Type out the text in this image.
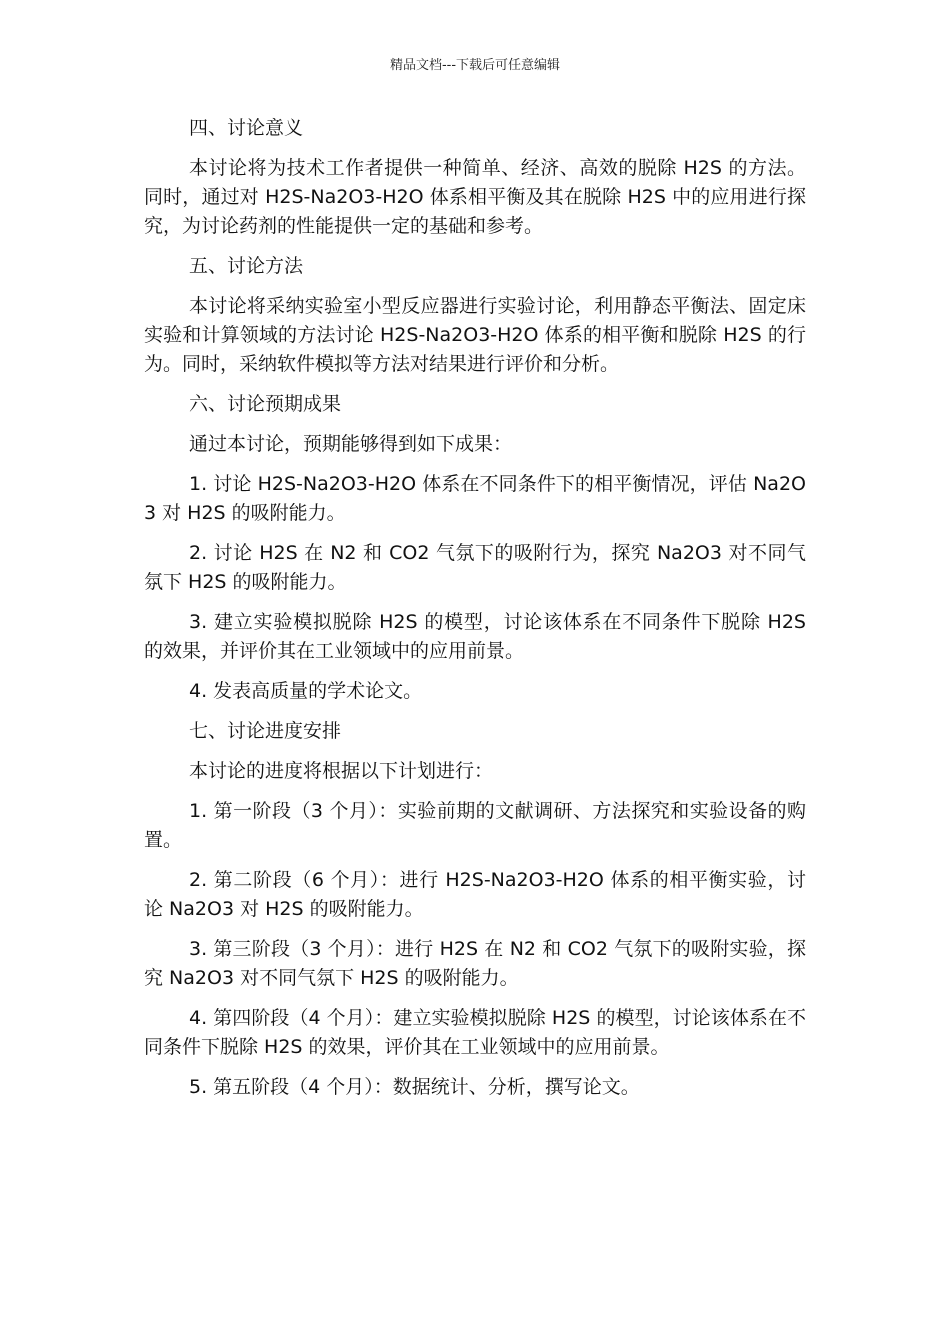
精品文档---下载后可任意编辑

四、讨论意义

本讨论将为技术工作者提供一种简单、经济、高效的脱除 H2S 的方法。同时，通过对 H2S-Na2O3-H2O 体系相平衡及其在脱除 H2S 中的应用进行探究，为讨论药剂的性能提供一定的基础和参考。

五、讨论方法

本讨论将采纳实验室小型反应器进行实验讨论，利用静态平衡法、固定床实验和计算领域的方法讨论 H2S-Na2O3-H2O 体系的相平衡和脱除 H2S 的行为。同时，采纳软件模拟等方法对结果进行评价和分析。

六、讨论预期成果

通过本讨论，预期能够得到如下成果：

1. 讨论 H2S-Na2O3-H2O 体系在不同条件下的相平衡情况，评估 Na2O3 对 H2S 的吸附能力。

2. 讨论 H2S 在 N2 和 CO2 气氛下的吸附行为，探究 Na2O3 对不同气氛下 H2S 的吸附能力。

3. 建立实验模拟脱除 H2S 的模型，讨论该体系在不同条件下脱除 H2S 的效果，并评价其在工业领域中的应用前景。

4. 发表高质量的学术论文。

七、讨论进度安排

本讨论的进度将根据以下计划进行：

1. 第一阶段（3 个月）：实验前期的文献调研、方法探究和实验设备的购置。

2. 第二阶段（6 个月）：进行 H2S-Na2O3-H2O 体系的相平衡实验，讨论 Na2O3 对 H2S 的吸附能力。

3. 第三阶段（3 个月）：进行 H2S 在 N2 和 CO2 气氛下的吸附实验，探究 Na2O3 对不同气氛下 H2S 的吸附能力。

4. 第四阶段（4 个月）：建立实验模拟脱除 H2S 的模型，讨论该体系在不同条件下脱除 H2S 的效果，评价其在工业领域中的应用前景。

5. 第五阶段（4 个月）：数据统计、分析，撰写论文。
